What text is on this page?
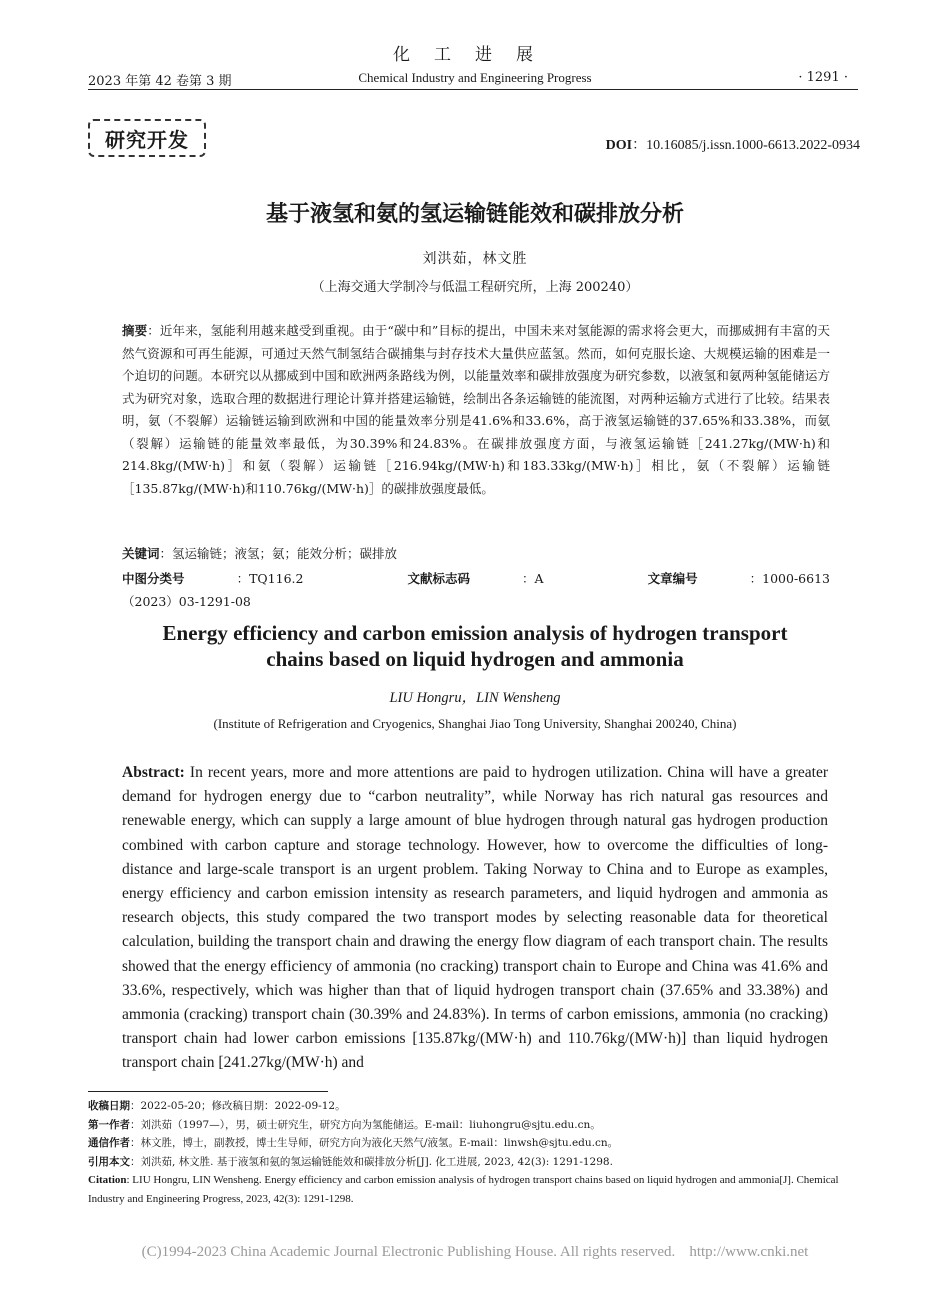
化工进展
2023 年第 42 卷第 3 期	Chemical Industry and Engineering Progress	· 1291 ·
研究开发	DOI：10.16085/j.issn.1000-6613.2022-0934
基于液氢和氨的氢运输链能效和碳排放分析
刘洪茹，林文胜
（上海交通大学制冷与低温工程研究所，上海 200240）
摘要：近年来，氢能利用越来越受到重视。由于“碳中和”目标的提出，中国未来对氢能源的需求将会更大，而挪威拥有丰富的天然气资源和可再生能源，可通过天然气制氢结合碳捕集与封存技术大量供应蓝氢。然而，如何克服长途、大规模运输的困难是一个迫切的问题。本研究以从挪威到中国和欧洲两条路线为例，以能量效率和碳排放强度为研究参数，以液氢和氨两种氢能储运方式为研究对象，选取合理的数据进行理论计算并搭建运输链，绘制出各条运输链的能流图，对两种运输方式进行了比较。结果表明，氨（不裂解）运输链运输到欧洲和中国的能量效率分别是41.6%和33.6%，高于液氢运输链的37.65%和33.38%，而氨（裂解）运输链的能量效率最低，为30.39%和24.83%。在碳排放强度方面，与液氢运输链［241.27kg/(MW·h)和214.8kg/(MW·h)］和氨（裂解）运输链［216.94kg/(MW·h)和183.33kg/(MW·h)］相比，氨（不裂解）运输链［135.87kg/(MW·h)和110.76kg/(MW·h)］的碳排放强度最低。
关键词：氢运输链；液氢；氨；能效分析；碳排放
中图分类号	：TQ116.2	文献标志码	：A	文章编号	：1000-6613（2023）03-1291-08
Energy efficiency and carbon emission analysis of hydrogen transport
chains based on liquid hydrogen and ammonia
LIU Hongru，LIN Wensheng
(Institute of Refrigeration and Cryogenics, Shanghai Jiao Tong University, Shanghai 200240, China)
Abstract: In recent years, more and more attentions are paid to hydrogen utilization. China will have a greater demand for hydrogen energy due to “carbon neutrality”, while Norway has rich natural gas resources and renewable energy, which can supply a large amount of blue hydrogen through natural gas hydrogen production combined with carbon capture and storage technology. However, how to overcome the difficulties of long-distance and large-scale transport is an urgent problem. Taking Norway to China and to Europe as examples, energy efficiency and carbon emission intensity as research parameters, and liquid hydrogen and ammonia as research objects, this study compared the two transport modes by selecting reasonable data for theoretical calculation, building the transport chain and drawing the energy flow diagram of each transport chain. The results showed that the energy efficiency of ammonia (no cracking) transport chain to Europe and China was 41.6% and 33.6%, respectively, which was higher than that of liquid hydrogen transport chain (37.65% and 33.38%) and ammonia (cracking) transport chain (30.39% and 24.83%). In terms of carbon emissions, ammonia (no cracking) transport chain had lower carbon emissions [135.87kg/(MW·h) and 110.76kg/(MW·h)] than liquid hydrogen transport chain [241.27kg/(MW·h) and

收稿日期：2022-05-20；修改稿日期：2022-09-12。

第一作者：刘洪茹（1997—），男，硕士研究生，研究方向为氢能储运。E-mail：liuhongru@sjtu.edu.cn。

通信作者：林文胜，博士，副教授，博士生导师，研究方向为液化天然气/液氢。E-mail：linwsh@sjtu.edu.cn。

引用本文：刘洪茹, 林文胜. 基于液氢和氨的氢运输链能效和碳排放分析[J]. 化工进展, 2023, 42(3): 1291-1298.

Citation: LIU Hongru, LIN Wensheng. Energy efficiency and carbon emission analysis of hydrogen transport chains based on liquid hydrogen and ammonia[J]. Chemical Industry and Engineering Progress, 2023, 42(3): 1291-1298.

(C)1994-2023 China Academic Journal Electronic Publishing House. All rights reserved. http://www.cnki.net
